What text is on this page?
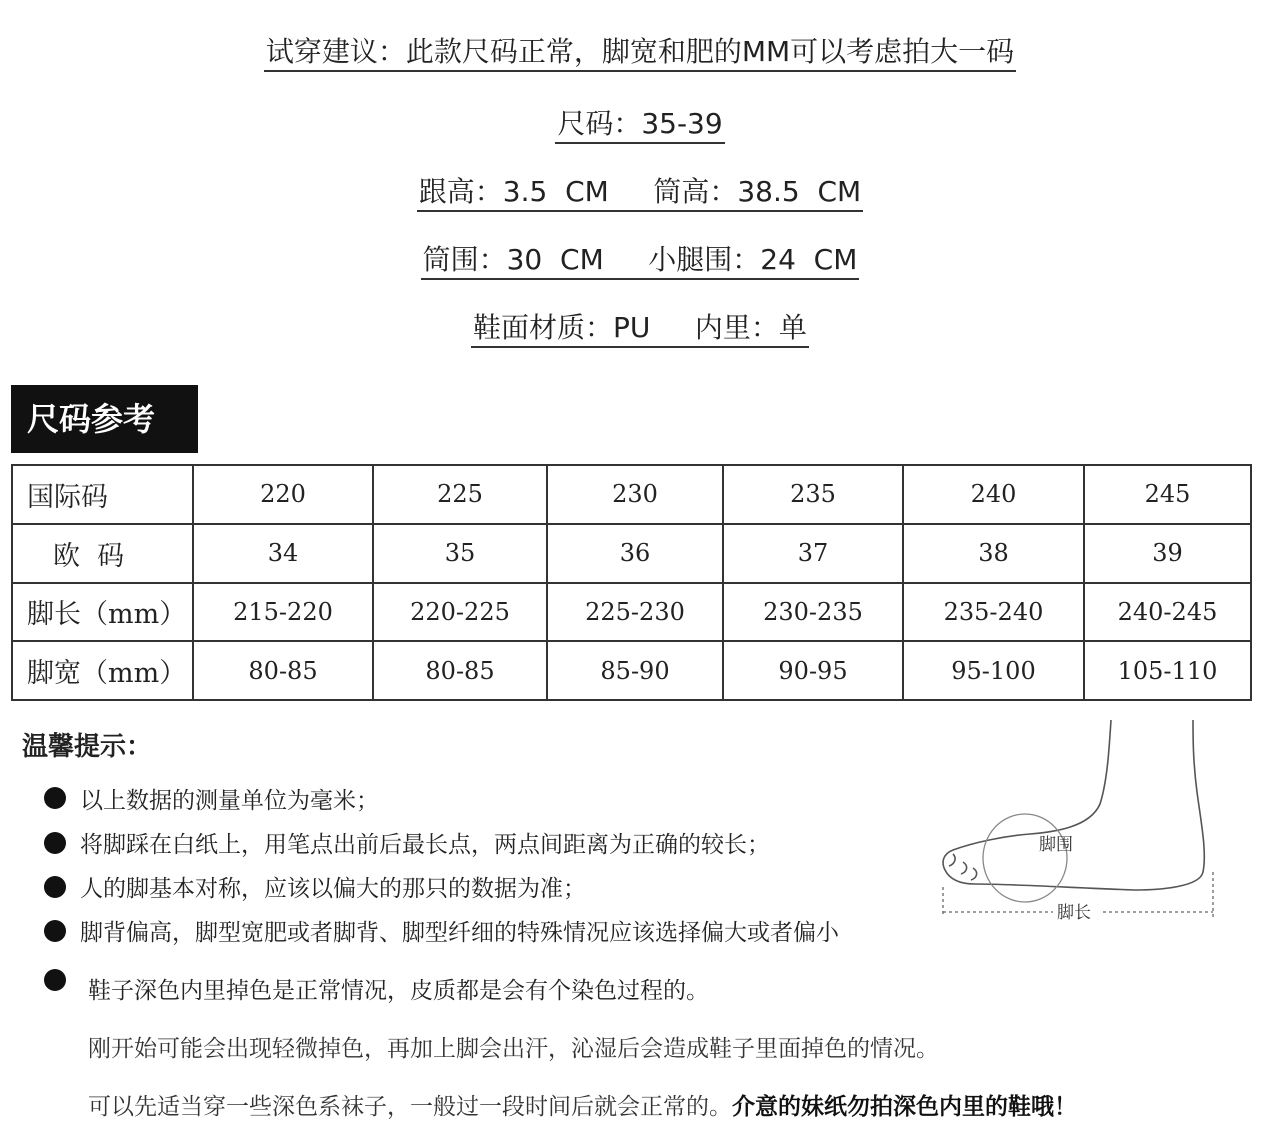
试穿建议：此款尺码正常，脚宽和肥的MM可以考虑拍大一码
尺码：35-39
跟高：3.5  CM     筒高：38.5  CM
筒围：30  CM     小腿围：24  CM
鞋面材质：PU     内里：单
尺码参考
国际码	220	225	230	235	240	245
欧  码	34	35	36	37	38	39
脚长（mm）	215-220	220-225	225-230	230-235	235-240	240-245
脚宽（mm）	80-85	80-85	85-90	90-95	95-100	105-110
温馨提示：
以上数据的测量单位为毫米；
将脚踩在白纸上，用笔点出前后最长点，两点间距离为正确的较长；
人的脚基本对称，应该以偏大的那只的数据为准；
脚背偏高，脚型宽肥或者脚背、脚型纤细的特殊情况应该选择偏大或者偏小
鞋子深色内里掉色是正常情况，皮质都是会有个染色过程的。
刚开始可能会出现轻微掉色，再加上脚会出汗，沁湿后会造成鞋子里面掉色的情况。
可以先适当穿一些深色系袜子，一般过一段时间后就会正常的。介意的妹纸勿拍深色内里的鞋哦！
脚围
脚长
